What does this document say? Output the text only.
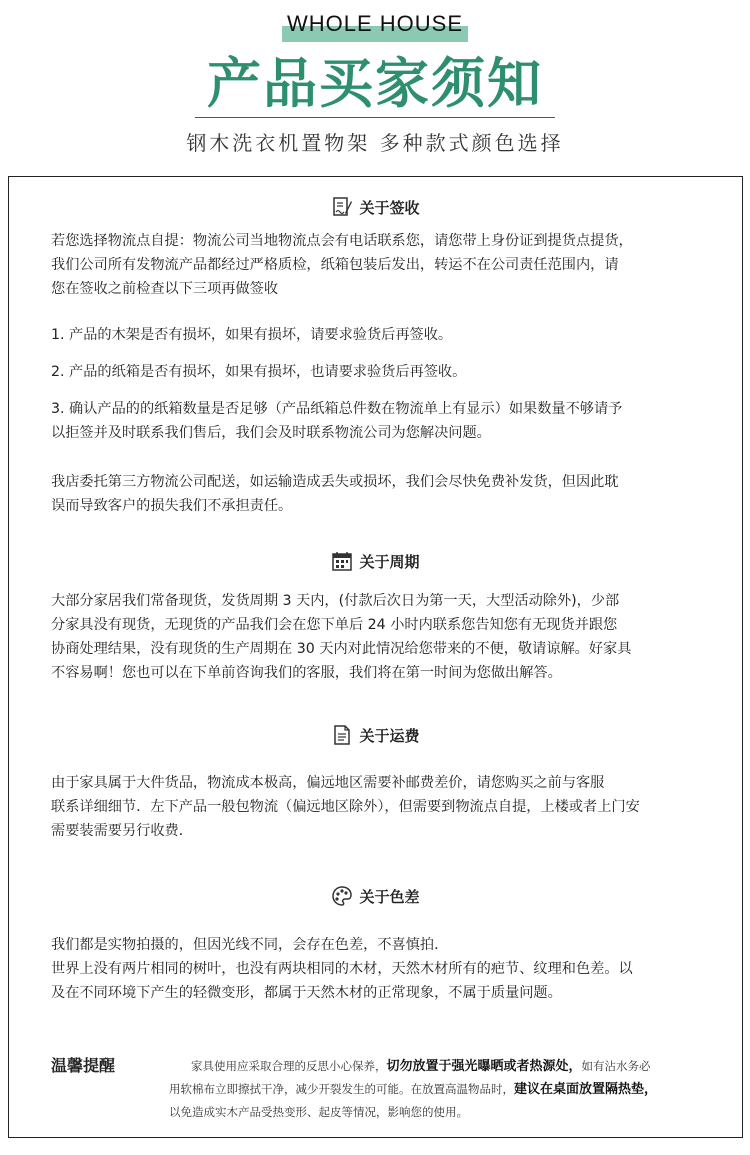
WHOLE HOUSE
产品买家须知
钢木洗衣机置物架 多种款式颜色选择
关于签收

若您选择物流点自提：物流公司当地物流点会有电话联系您，请您带上身份证到提货点提货，

我们公司所有发物流产品都经过严格质检，纸箱包装后发出，转运不在公司责任范围内，请

您在签收之前检查以下三项再做签收

1. 产品的木架是否有损坏，如果有损坏，请要求验货后再签收。

2. 产品的纸箱是否有损坏，如果有损坏，也请要求验货后再签收。

3. 确认产品的的纸箱数量是否足够（产品纸箱总件数在物流单上有显示）如果数量不够请予

以拒签并及时联系我们售后，我们会及时联系物流公司为您解决问题。

我店委托第三方物流公司配送，如运输造成丢失或损坏，我们会尽快免费补发货，但因此耽

误而导致客户的损失我们不承担责任。

关于周期

大部分家居我们常备现货，发货周期 3 天内，(付款后次日为第一天，大型活动除外)，少部

分家具没有现货，无现货的产品我们会在您下单后 24 小时内联系您告知您有无现货并跟您

协商处理结果，没有现货的生产周期在 30 天内对此情况给您带来的不便，敬请谅解。好家具

不容易啊！您也可以在下单前咨询我们的客服，我们将在第一时间为您做出解答。

关于运费

由于家具属于大件货品，物流成本极高，偏远地区需要补邮费差价，请您购买之前与客服

联系详细细节．左下产品一般包物流（偏远地区除外），但需要到物流点自提，上楼或者上门安

需要装需要另行收费．

关于色差

我们都是实物拍摄的，但因光线不同，会存在色差，不喜慎拍．

世界上没有两片相同的树叶，也没有两块相同的木材，天然木材所有的疤节、纹理和色差。以

及在不同环境下产生的轻微变形，都属于天然木材的正常现象，不属于质量问题。

温馨提醒	家具使用应采取合理的反思小心保养，切勿放置于强光曝晒或者热源处，如有沾水务必

用软棉布立即擦拭干净，减少开裂发生的可能。在放置高温物品时，建议在桌面放置隔热垫，

以免造成实木产品受热变形、起皮等情况，影响您的使用。
